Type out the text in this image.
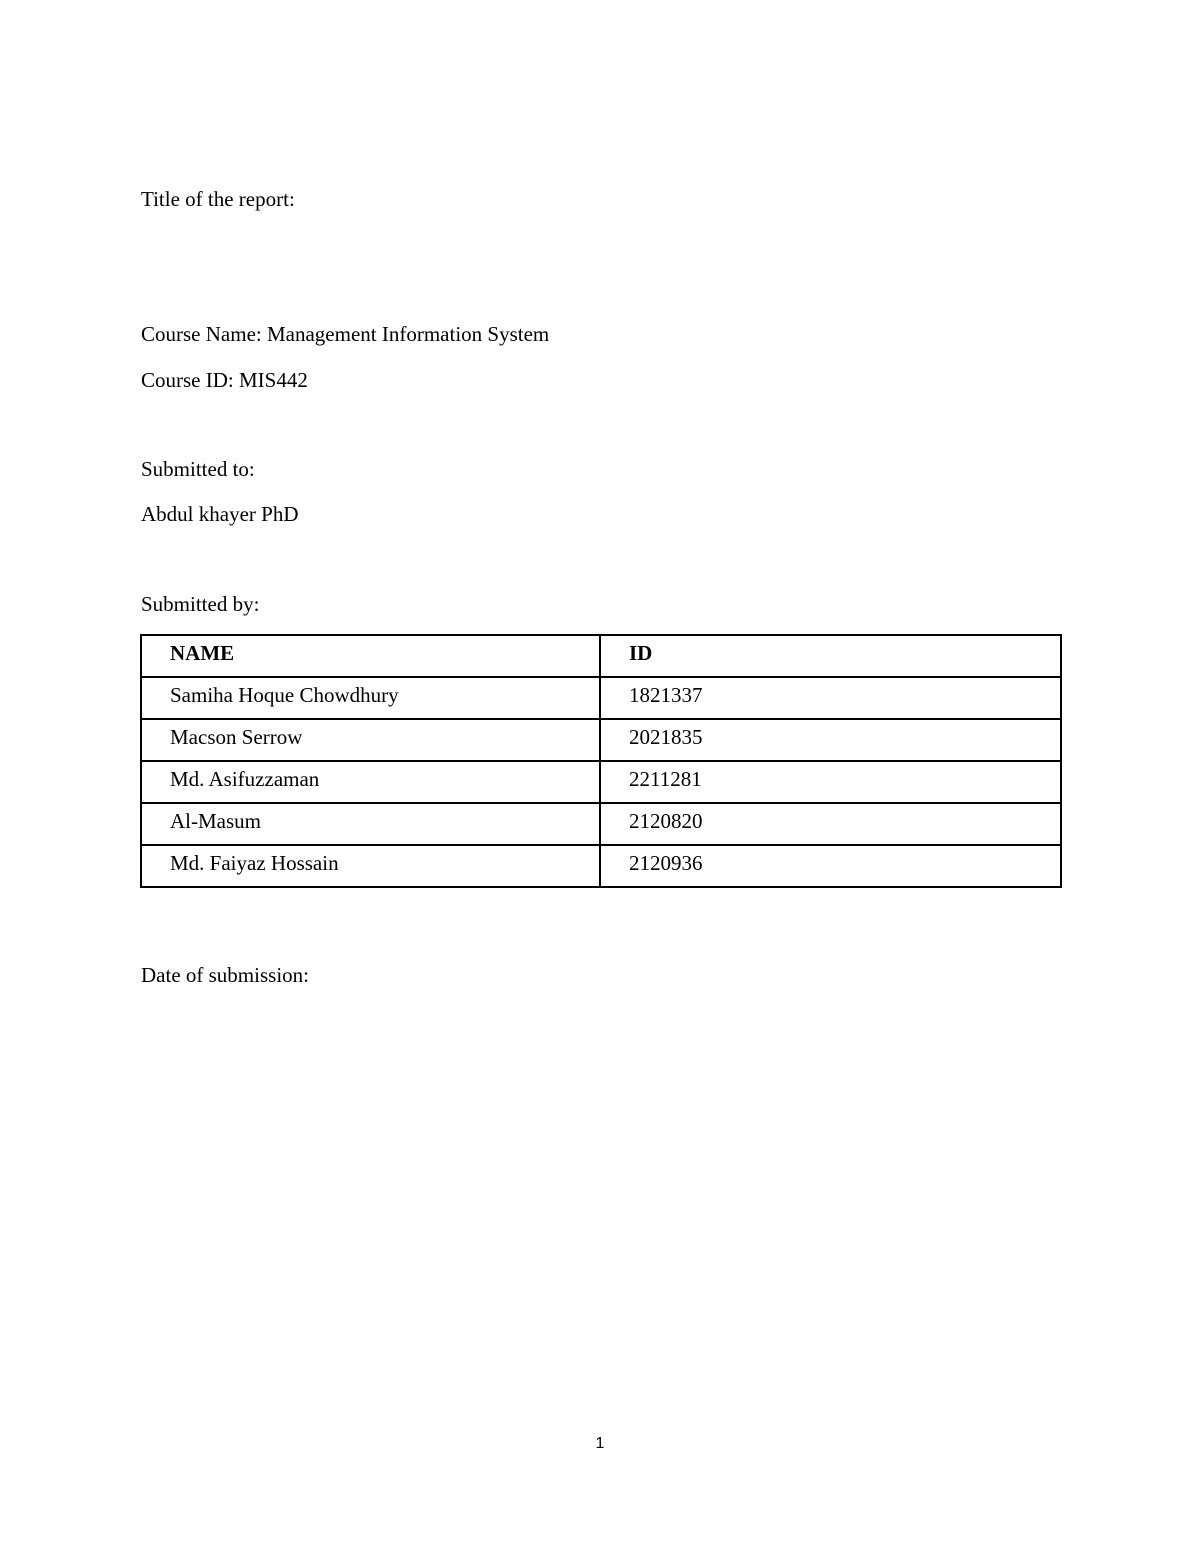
Title of the report:
Course Name: Management Information System
Course ID: MIS442
Submitted to:
Abdul khayer PhD
Submitted by:
NAME	ID
Samiha Hoque Chowdhury	1821337
Macson Serrow	2021835
Md. Asifuzzaman	2211281
Al-Masum	2120820
Md. Faiyaz Hossain	2120936
Date of submission:
1
